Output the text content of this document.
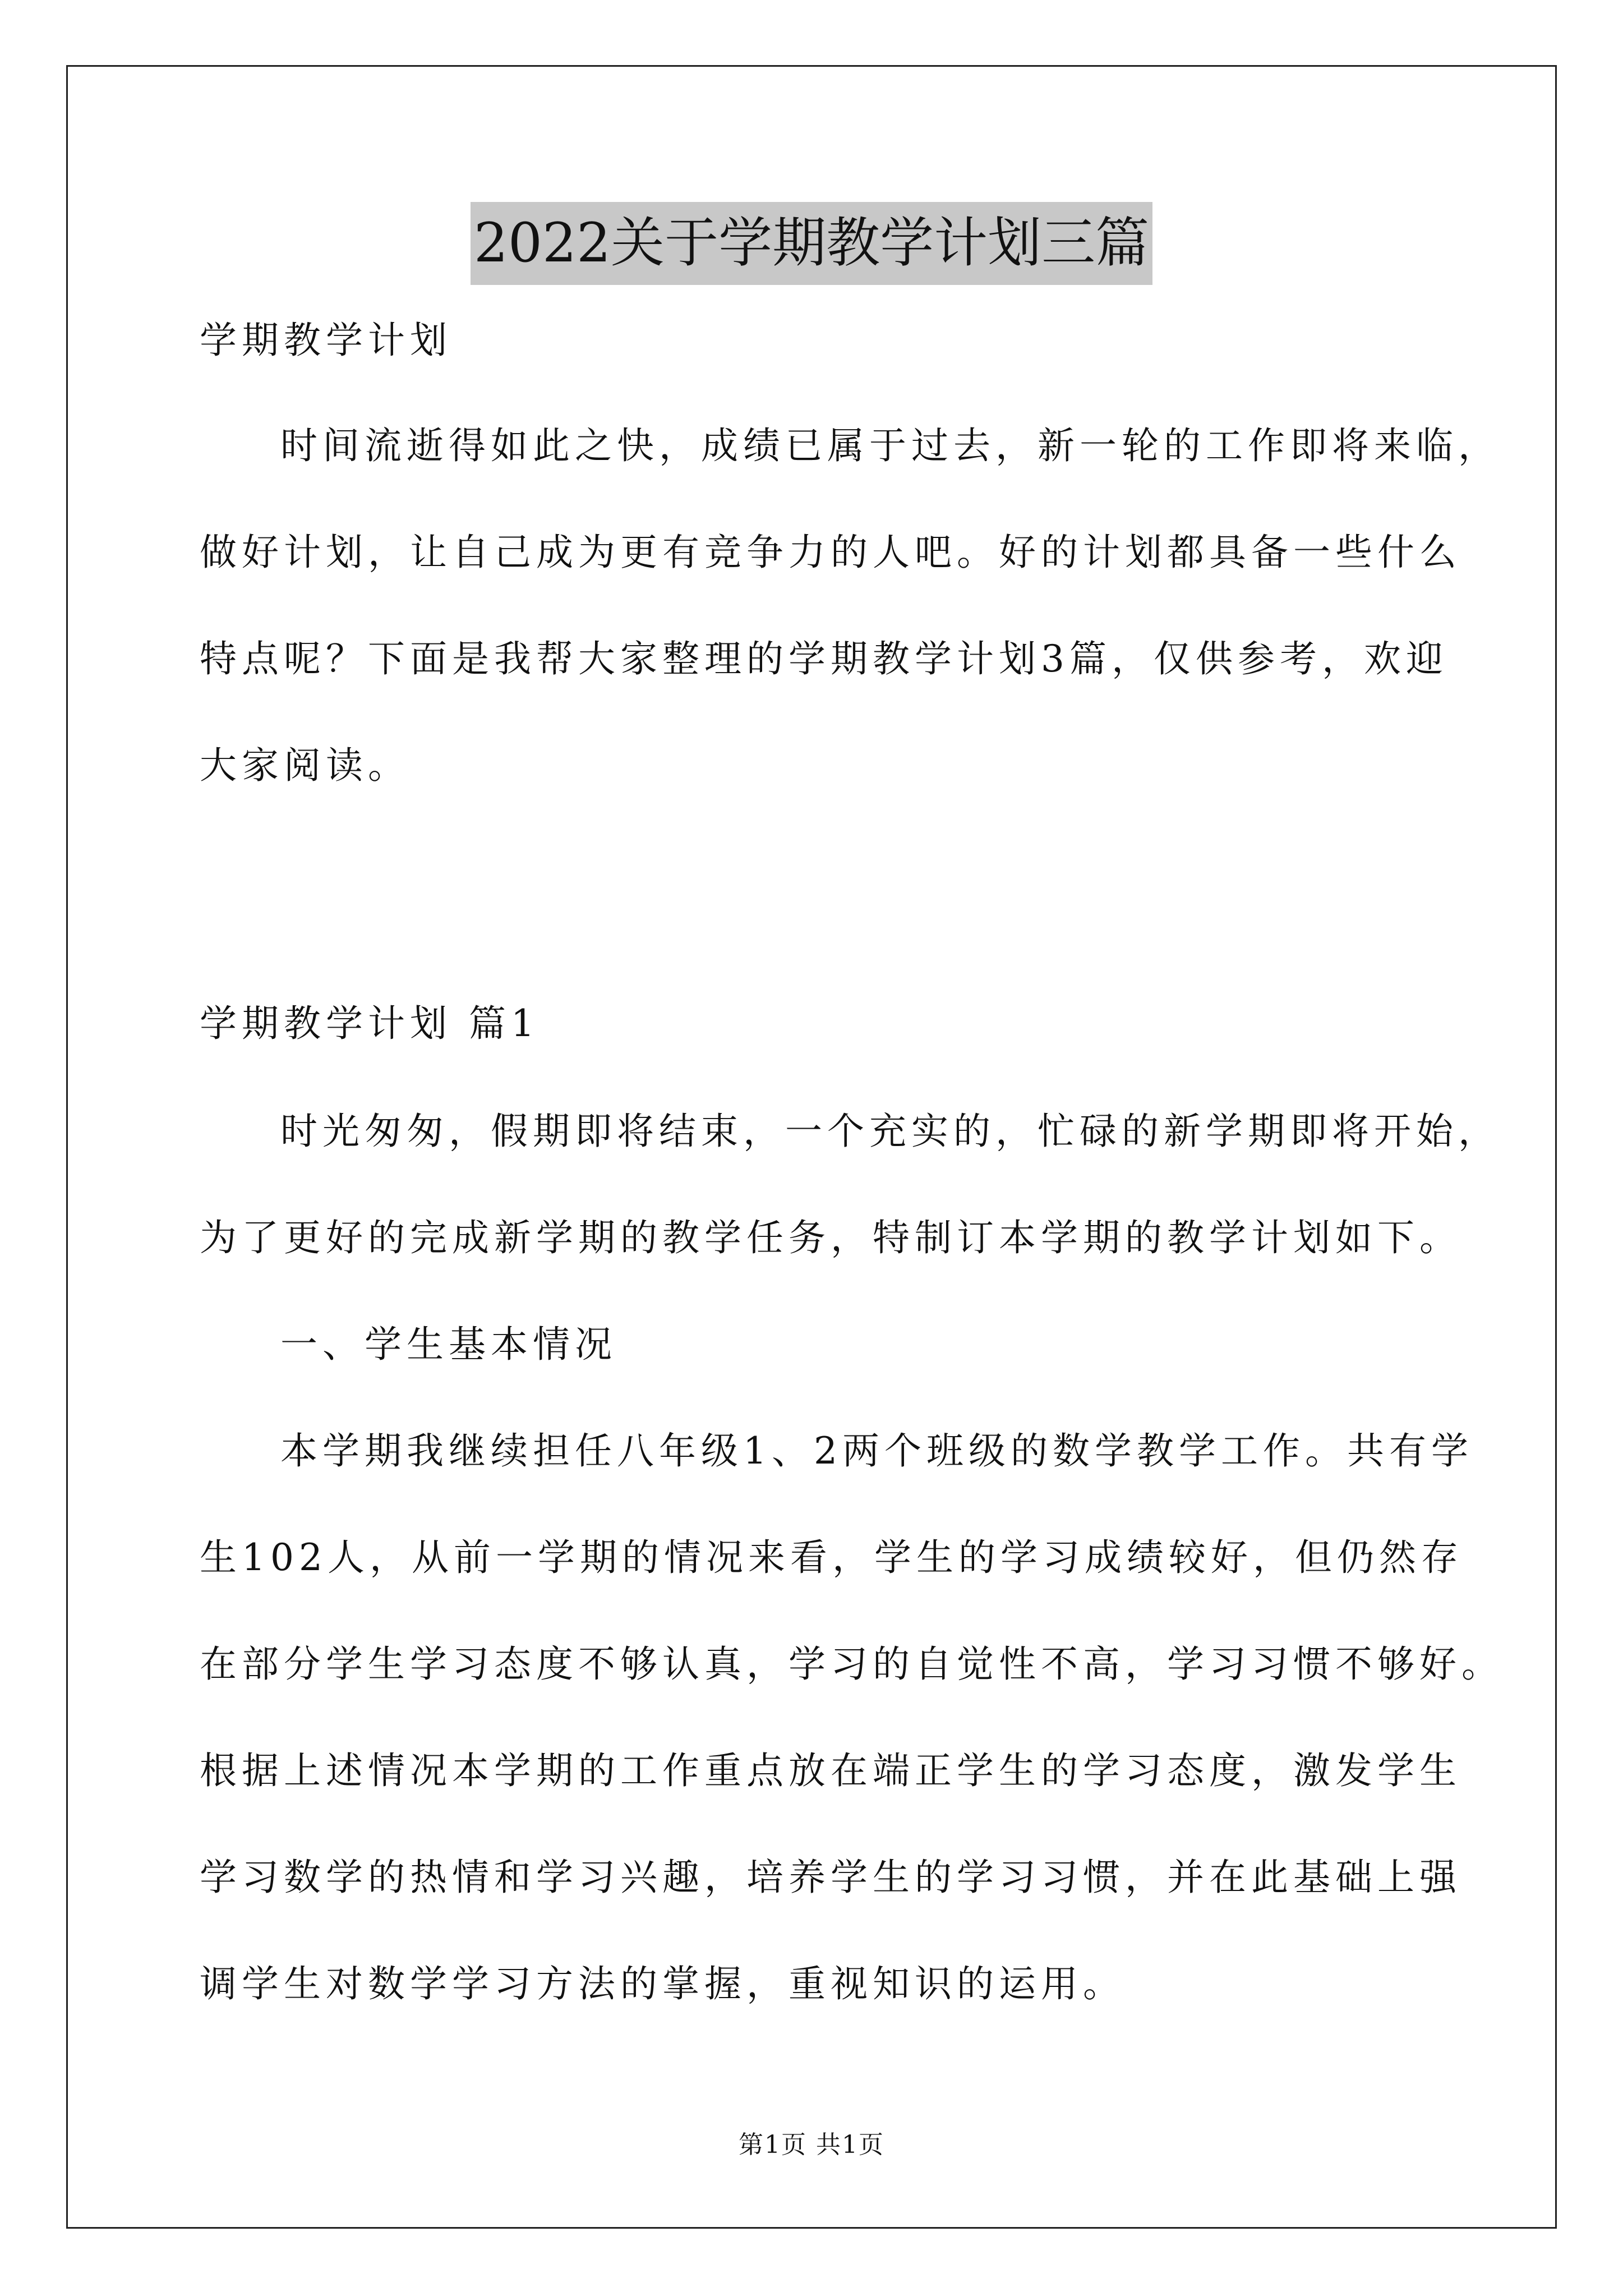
2022关于学期教学计划三篇
学期教学计划
时间流逝得如此之快，成绩已属于过去，新一轮的工作即将来临，
做好计划，让自己成为更有竞争力的人吧。好的计划都具备一些什么
特点呢？下面是我帮大家整理的学期教学计划3篇，仅供参考，欢迎
大家阅读。
学期教学计划 篇1
时光匆匆，假期即将结束，一个充实的，忙碌的新学期即将开始，
为了更好的完成新学期的教学任务，特制订本学期的教学计划如下。
一、学生基本情况
本学期我继续担任八年级1、2两个班级的数学教学工作。共有学
生102人，从前一学期的情况来看，学生的学习成绩较好，但仍然存
在部分学生学习态度不够认真，学习的自觉性不高，学习习惯不够好。
根据上述情况本学期的工作重点放在端正学生的学习态度，激发学生
学习数学的热情和学习兴趣，培养学生的学习习惯，并在此基础上强
调学生对数学学习方法的掌握，重视知识的运用。
第1页 共1页
